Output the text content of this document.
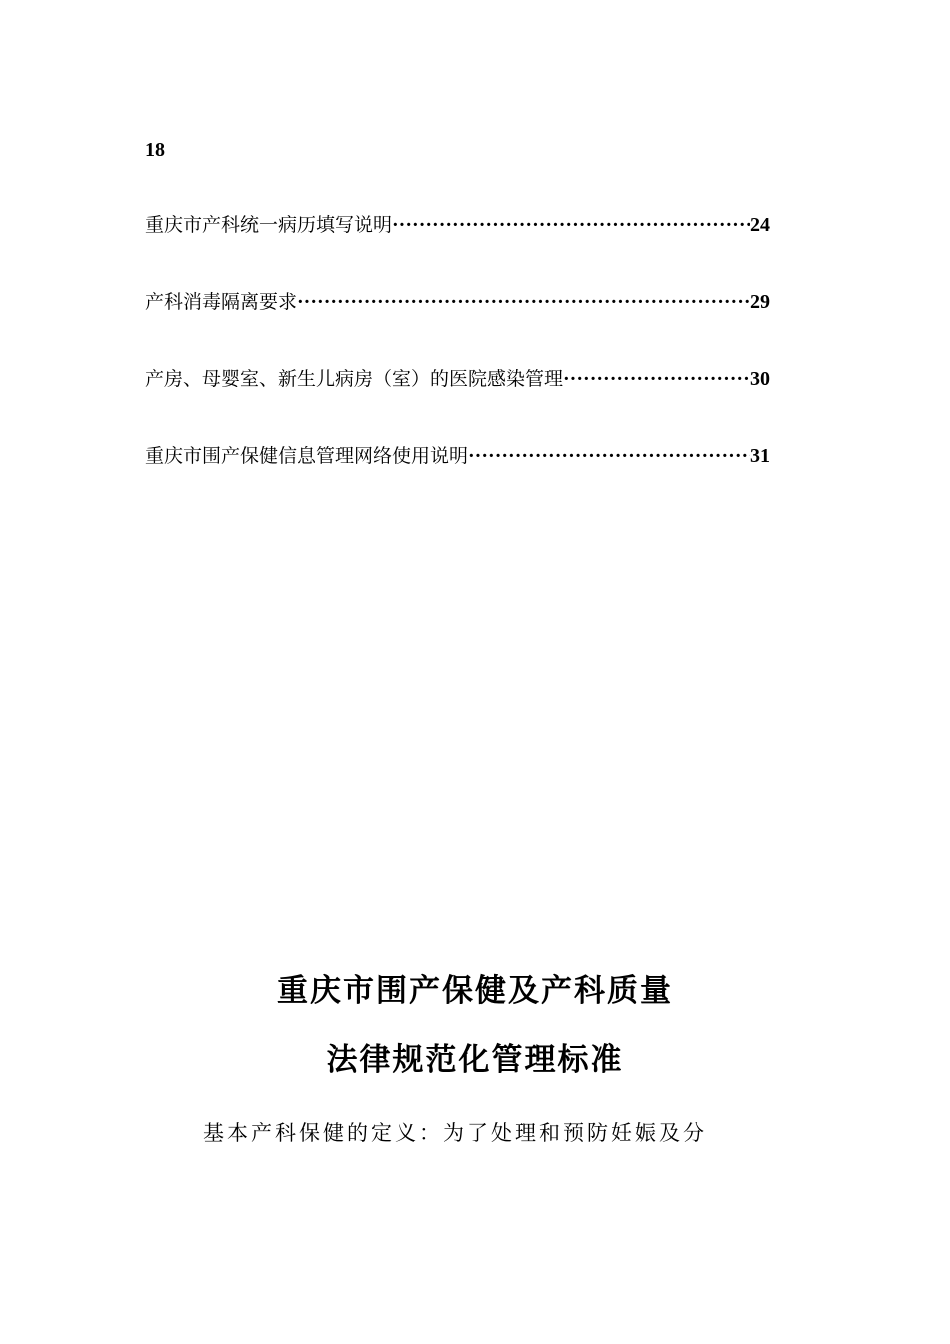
18
重庆市产科统一病历填写说明 ·····	24
产科消毒隔离要求 ·····	29
产房、母婴室、新生儿病房（室）的医院感染管理 ·····	30
重庆市围产保健信息管理网络使用说明 ·····	31
重庆市围产保健及产科质量
法律规范化管理标准
基本产科保健的定义：为了处理和预防妊娠及分
